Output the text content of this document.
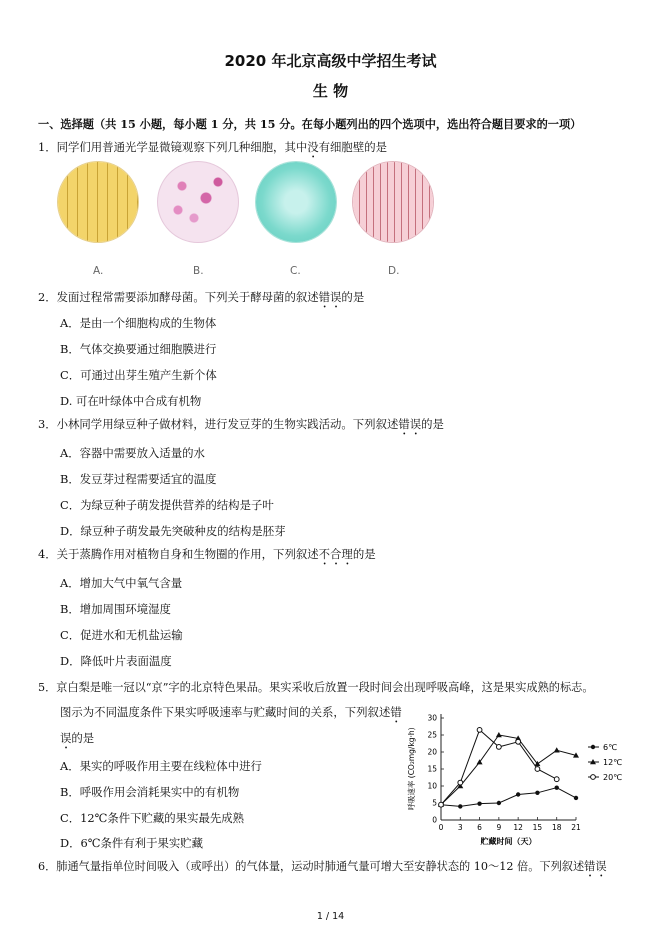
2020 年北京高级中学招生考试
生 物
一、选择题（共 15 小题，每小题 1 分，共 15 分。在每小题列出的四个选项中，选出符合题目要求的一项）
1．同学们用普通光学显微镜观察下列几种细胞，其中没有细胞壁的是
A.	B.	C.	D.
2．发面过程常需要添加酵母菌。下列关于酵母菌的叙述错误的是
A．是由一个细胞构成的生物体
B．气体交换要通过细胞膜进行
C．可通过出芽生殖产生新个体
D. 可在叶绿体中合成有机物
3．小林同学用绿豆种子做材料，进行发豆芽的生物实践活动。下列叙述错误的是
A．容器中需要放入适量的水
B．发豆芽过程需要适宜的温度
C．为绿豆种子萌发提供营养的结构是子叶
D．绿豆种子萌发最先突破种皮的结构是胚芽
4．关于蒸腾作用对植物自身和生物圈的作用，下列叙述不合理的是
A．增加大气中氧气含量
B．增加周围环境湿度
C．促进水和无机盐运输
D．降低叶片表面温度
5．京白梨是唯一冠以“京”字的北京特色果品。果实采收后放置一段时间会出现呼吸高峰，这是果实成熟的标志。
图示为不同温度条件下果实呼吸速率与贮藏时间的关系，下列叙述错
误的是
A．果实的呼吸作用主要在线粒体中进行
B．呼吸作用会消耗果实中的有机物
C．12℃条件下贮藏的果实最先成熟
D．6℃条件有利于果实贮藏
0 3 6 9 12 15 18 21
0
5
10
15
20
25
30
贮藏时间（天）
呼吸速率 (CO₂mg/kg·h)	6℃
12℃
20℃
6．肺通气量指单位时间吸入（或呼出）的气体量，运动时肺通气量可增大至安静状态的 10～12 倍。下列叙述错误
1 / 14
